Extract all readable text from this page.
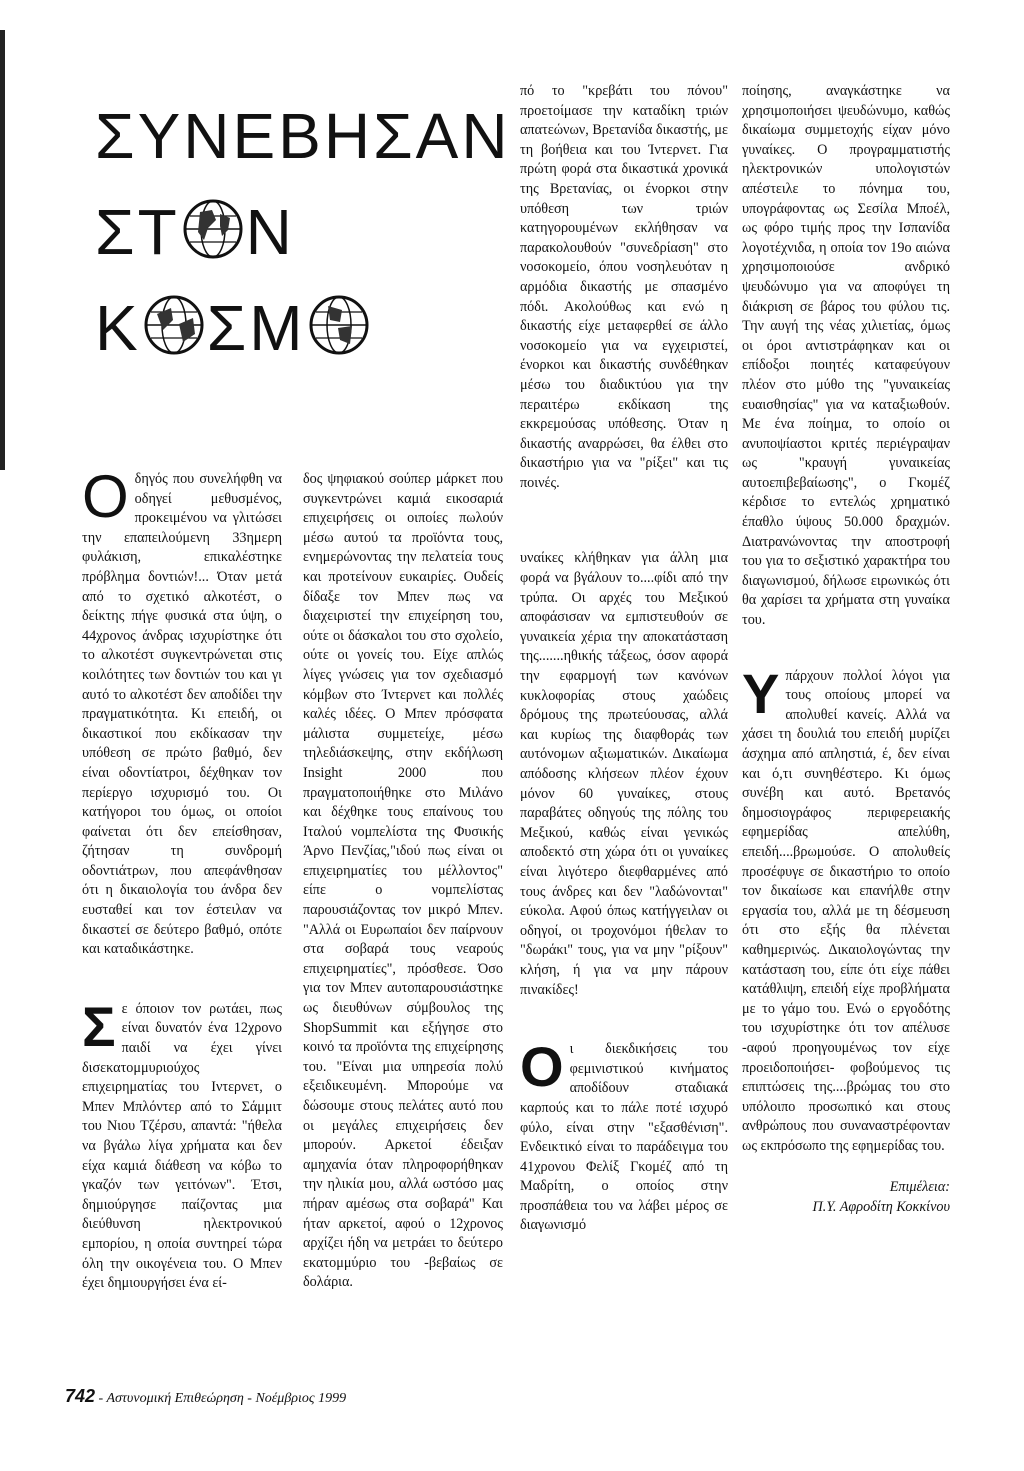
ΣΥΝΕΒΗΣΑΝ
ΣΤ Ν
Κ ΣΜ

Οδηγός που συνελήφθη να οδηγεί μεθυσμένος, προκειμένου να γλιτώσει την επαπειλούμενη 33ημερη φυλάκιση, επικαλέστηκε πρόβλημα δοντιών!... Όταν μετά από το σχετικό αλκοτέστ, ο δείκτης πήγε φυσικά στα ύψη, ο 44χρονος άνδρας ισχυρίστηκε ότι το αλκοτέστ συγκεντρώνεται στις κοιλότητες των δοντιών του και γι αυτό το αλκοτέστ δεν αποδίδει την πραγματικότητα. Κι επειδή, οι δικαστικοί που εκδίκασαν την υπόθεση σε πρώτο βαθμό, δεν είναι οδοντίατροι, δέχθηκαν τον περίεργο ισχυρισμό του. Οι κατήγοροι του όμως, οι οποίοι φαίνεται ότι δεν επείσθησαν, ζήτησαν τη συνδρομή οδοντιάτρων, που απεφάνθησαν ότι η δικαιολογία του άνδρα δεν ευσταθεί και τον έστειλαν να δικαστεί σε δεύτερο βαθμό, οπότε και καταδικάστηκε.

Σε όποιον τον ρωτάει, πως είναι δυνατόν ένα 12χρονο παιδί να έχει γίνει δισεκατομμυριούχος επιχειρηματίας του Ιντερνετ, ο Μπεν Μπλόντερ από το Σάμμιτ του Νιου Τζέρσυ, απαντά: "ήθελα να βγάλω λίγα χρήματα και δεν είχα καμιά διάθεση να κόβω το γκαζόν των γειτόνων". Έτσι, δημιούργησε παίζοντας μια διεύθυνση ηλεκτρονικού εμπορίου, η οποία συντηρεί τώρα όλη την οικογένεια του. Ο Μπεν έχει δημιουργήσει ένα εί-

δος ψηφιακού σούπερ μάρκετ που συγκεντρώνει καμιά εικοσαριά επιχειρήσεις οι οιποίες πωλούν μέσω αυτού τα προϊόντα τους, ενημερώνοντας την πελατεία τους και προτείνουν ευκαιρίες. Ουδείς δίδαξε τον Μπεν πως να διαχειριστεί την επιχείρηση του, ούτε οι δάσκαλοι του στο σχολείο, ούτε οι γονείς του. Είχε απλώς λίγες γνώσεις για τον σχεδιασμό κόμβων στο Ίντερνετ και πολλές καλές ιδέες. Ο Μπεν πρόσφατα μάλιστα συμμετείχε, μέσω τηλεδιάσκεψης, στην εκδήλωση Insight 2000 που πραγματοποιήθηκε στο Μιλάνο και δέχθηκε τους επαίνους του Ιταλού νομπελίστα της Φυσικής Άρνο Πενζίας,"ιδού πως είναι οι επιχειρηματίες του μέλλοντος" είπε ο νομπελίστας παρουσιάζοντας τον μικρό Μπεν. "Αλλά οι Ευρωπαίοι δεν παίρνουν στα σοβαρά τους νεαρούς επιχειρηματίες", πρόσθεσε. Όσο για τον Μπεν αυτοπαρουσιάστηκε ως διευθύνων σύμβουλος της ShopSummit και εξήγησε στο κοινό τα προϊόντα της επιχείρησης του. "Είναι μια υπηρεσία πολύ εξειδικευμένη. Μπορούμε να δώσουμε στους πελάτες αυτό που οι μεγάλες επιχειρήσεις δεν μπορούν. Αρκετοί έδειξαν αμηχανία όταν πληροφορήθηκαν την ηλικία μου, αλλά ωστόσο μας πήραν αμέσως στα σοβαρά" Και ήταν αρκετοί, αφού ο 12χρονος αρχίζει ήδη να μετράει το δεύτερο εκατομμύριο του -βεβαίως σε δολάρια.

πό το "κρεβάτι του πόνου" προετοίμασε την καταδίκη τριών απατεώνων, Βρετανίδα δικαστής, με τη βοήθεια και του Ίντερνετ. Για πρώτη φορά στα δικαστικά χρονικά της Βρετανίας, οι ένορκοι στην υπόθεση των τριών κατηγορουμένων εκλήθησαν να παρακολουθούν "συνεδρίαση" στο νοσοκομείο, όπου νοσηλευόταν η αρμόδια δικαστής με σπασμένο πόδι. Ακολούθως και ενώ η δικαστής είχε μεταφερθεί σε άλλο νοσοκομείο για να εγχειριστεί, ένορκοι και δικαστής συνδέθηκαν μέσω του διαδικτύου για την περαιτέρω εκδίκαση της εκκρεμούσας υπόθεσης. Όταν η δικαστής αναρρώσει, θα έλθει στο δικαστήριο για να "ρίξει" και τις ποινές.

υναίκες κλήθηκαν για άλλη μια φορά να βγάλουν το....φίδι από την τρύπα. Οι αρχές του Μεξικού αποφάσισαν να εμπιστευθούν σε γυναικεία χέρια την αποκατάσταση της.......ηθικής τάξεως, όσον αφορά την εφαρμογή των κανόνων κυκλοφορίας στους χαώδεις δρόμους της πρωτεύουσας, αλλά και κυρίως της διαφθοράς των αυτόνομων αξιωματικών. Δικαίωμα απόδοσης κλήσεων πλέον έχουν μόνον 60 γυναίκες, στους παραβάτες οδηγούς της πόλης του Μεξικού, καθώς είναι γενικώς αποδεκτό στη χώρα ότι οι γυναίκες είναι λιγότερο διεφθαρμένες από τους άνδρες και δεν "λαδώνονται" εύκολα. Αφού όπως κατήγγειλαν οι οδηγοί, οι τροχονόμοι ήθελαν το "δωράκι" τους, για να μην "ρίξουν" κλήση, ή για να μην πάρουν πινακίδες!

Οι διεκδικήσεις του φεμινιστικού κινήματος αποδίδουν σταδιακά καρπούς και το πάλε ποτέ ισχυρό φύλο, είναι στην "εξασθένιση". Ενδεικτικό είναι το παράδειγμα του 41χρονου Φελίξ Γκομέζ από τη Μαδρίτη, ο οποίος στην προσπάθεια του να λάβει μέρος σε διαγωνισμό

ποίησης, αναγκάστηκε να χρησιμοποιήσει ψευδώνυμο, καθώς δικαίωμα συμμετοχής είχαν μόνο γυναίκες. Ο προγραμματιστής ηλεκτρονικών υπολογιστών απέστειλε το πόνημα του, υπογράφοντας ως Σεσίλα Μποέλ, ως φόρο τιμής προς την Ισπανίδα λογοτέχνιδα, η οποία τον 19ο αιώνα χρησιμοποιούσε ανδρικό ψευδώνυμο για να αποφύγει τη διάκριση σε βάρος του φύλου τις. Την αυγή της νέας χιλιετίας, όμως οι όροι αντιστράφηκαν και οι επίδοξοι ποιητές καταφεύγουν πλέον στο μύθο της "γυναικείας ευαισθησίας" για να καταξιωθούν. Με ένα ποίημα, το οποίο οι ανυποψίαστοι κριτές περιέγραψαν ως "κραυγή γυναικείας αυτοεπιβεβαίωσης", ο Γκομέζ κέρδισε το εντελώς χρηματικό έπαθλο ύψους 50.000 δραχμών. Διατρανώνοντας την αποστροφή του για το σεξιστικό χαρακτήρα του διαγωνισμού, δήλωσε ειρωνικώς ότι θα χαρίσει τα χρήματα στη γυναίκα του.

Υπάρχουν πολλοί λόγοι για τους οποίους μπορεί να απολυθεί κανείς. Αλλά να χάσει τη δουλιά του επειδή μυρίζει άσχημα από απληστιά, έ, δεν είναι και ό,τι συνηθέστερο. Κι όμως συνέβη και αυτό. Βρετανός δημοσιογράφος περιφερειακής εφημερίδας απελύθη, επειδή....βρωμούσε. Ο απολυθείς προσέφυγε σε δικαστήριο το οποίο τον δικαίωσε και επανήλθε στην εργασία του, αλλά με τη δέσμευση ότι στο εξής θα πλένεται καθημερινώς. Δικαιολογώντας την κατάσταση του, είπε ότι είχε πάθει κατάθλιψη, επειδή είχε προβλήματα με το γάμο του. Ενώ ο εργοδότης του ισχυρίστηκε ότι τον απέλυσε -αφού προηγουμένως τον είχε προειδοποιήσει- φοβούμενος τις επιπτώσεις της....βρώμας του στο υπόλοιπο προσωπικό και στους ανθρώπους που συναναστρέφονταν ως εκπρόσωπο της εφημερίδας του.

Επιμέλεια:
Π.Υ. Αφροδίτη Κοκκίνου
742 - Αστυνομική Επιθεώρηση - Νοέμβριος 1999
